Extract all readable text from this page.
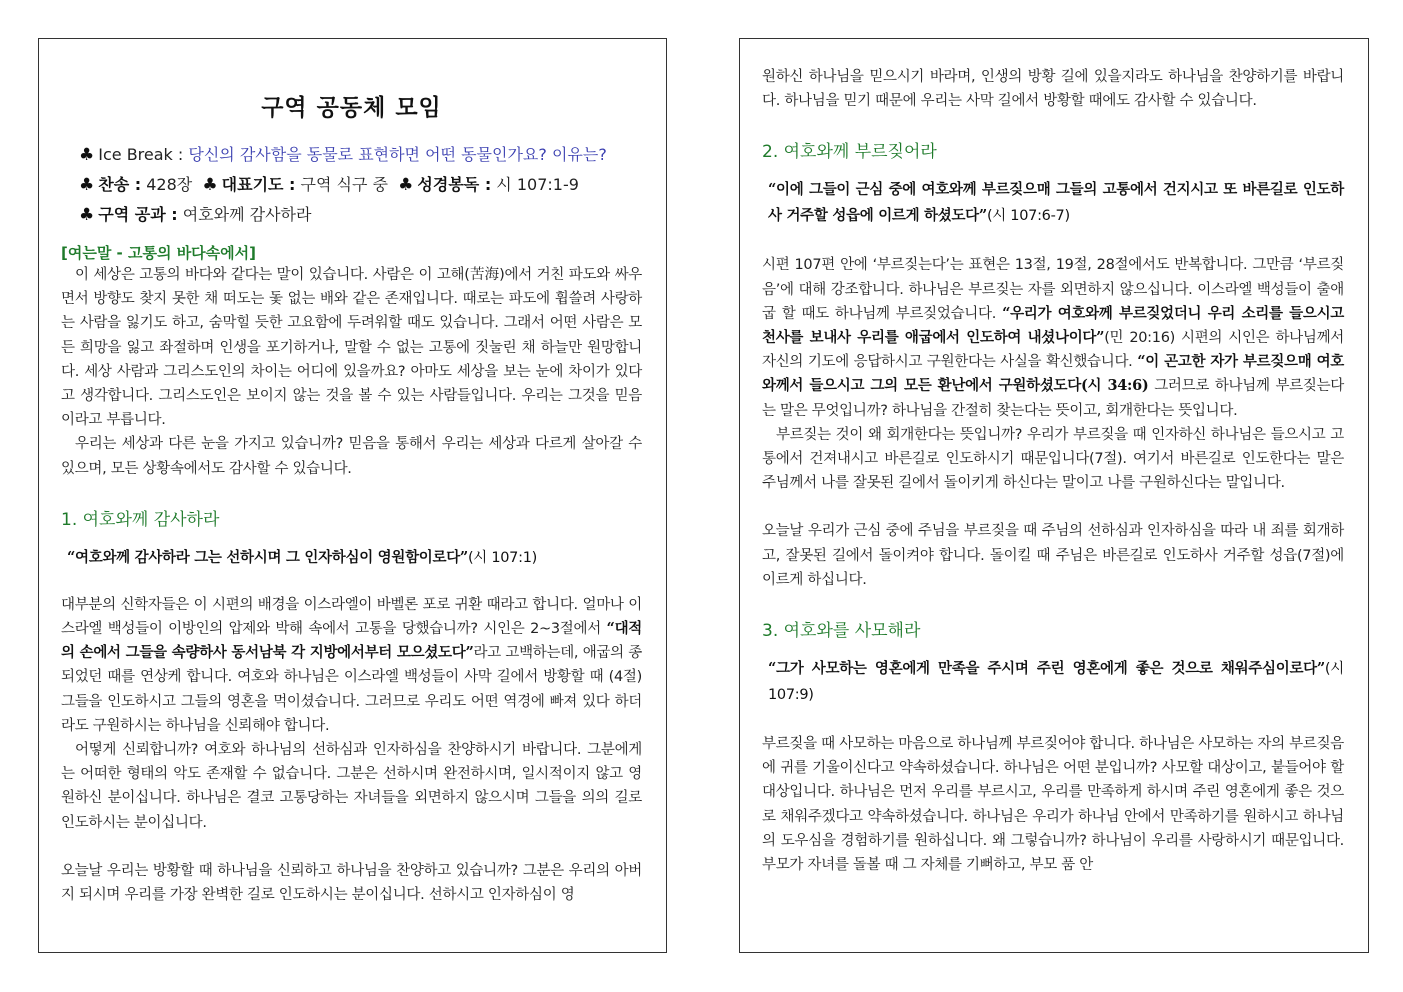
구역 공동체 모임
♣ Ice Break : 당신의 감사함을 동물로 표현하면 어떤 동물인가요? 이유는?
♣ 찬송 : 428장 ♣ 대표기도 : 구역 식구 중 ♣ 성경봉독 : 시 107:1-9
♣ 구역 공과 : 여호와께 감사하라
[여는말 - 고통의 바다속에서]

이 세상은 고통의 바다와 같다는 말이 있습니다. 사람은 이 고해(苦海)에서 거친 파도와 싸우면서 방향도 찾지 못한 채 떠도는 돛 없는 배와 같은 존재입니다. 때로는 파도에 휩쓸려 사랑하는 사람을 잃기도 하고, 숨막힐 듯한 고요함에 두려워할 때도 있습니다. 그래서 어떤 사람은 모든 희망을 잃고 좌절하며 인생을 포기하거나, 말할 수 없는 고통에 짓눌린 채 하늘만 원망합니다. 세상 사람과 그리스도인의 차이는 어디에 있을까요? 아마도 세상을 보는 눈에 차이가 있다고 생각합니다. 그리스도인은 보이지 않는 것을 볼 수 있는 사람들입니다. 우리는 그것을 믿음이라고 부릅니다.

우리는 세상과 다른 눈을 가지고 있습니까? 믿음을 통해서 우리는 세상과 다르게 살아갈 수 있으며, 모든 상황속에서도 감사할 수 있습니다.

1. 여호와께 감사하라

“여호와께 감사하라 그는 선하시며 그 인자하심이 영원함이로다”(시 107:1)

대부분의 신학자들은 이 시편의 배경을 이스라엘이 바벨론 포로 귀환 때라고 합니다. 얼마나 이스라엘 백성들이 이방인의 압제와 박해 속에서 고통을 당했습니까? 시인은 2~3절에서 “대적의 손에서 그들을 속량하사 동서남북 각 지방에서부터 모으셨도다”라고 고백하는데, 애굽의 종되었던 때를 연상케 합니다. 여호와 하나님은 이스라엘 백성들이 사막 길에서 방황할 때 (4절) 그들을 인도하시고 그들의 영혼을 먹이셨습니다. 그러므로 우리도 어떤 역경에 빠져 있다 하더라도 구원하시는 하나님을 신뢰해야 합니다.

어떻게 신뢰합니까? 여호와 하나님의 선하심과 인자하심을 찬양하시기 바랍니다. 그분에게는 어떠한 형태의 악도 존재할 수 없습니다. 그분은 선하시며 완전하시며, 일시적이지 않고 영원하신 분이십니다. 하나님은 결코 고통당하는 자녀들을 외면하지 않으시며 그들을 의의 길로 인도하시는 분이십니다.

오늘날 우리는 방황할 때 하나님을 신뢰하고 하나님을 찬양하고 있습니까? 그분은 우리의 아버지 되시며 우리를 가장 완벽한 길로 인도하시는 분이십니다. 선하시고 인자하심이 영

원하신 하나님을 믿으시기 바라며, 인생의 방황 길에 있을지라도 하나님을 찬양하기를 바랍니다. 하나님을 믿기 때문에 우리는 사막 길에서 방황할 때에도 감사할 수 있습니다.

2. 여호와께 부르짖어라

“이에 그들이 근심 중에 여호와께 부르짖으매 그들의 고통에서 건지시고 또 바른길로 인도하사 거주할 성읍에 이르게 하셨도다”(시 107:6-7)

시편 107편 안에 ‘부르짖는다’는 표현은 13절, 19절, 28절에서도 반복합니다. 그만큼 ‘부르짖음’에 대해 강조합니다. 하나님은 부르짖는 자를 외면하지 않으십니다. 이스라엘 백성들이 출애굽 할 때도 하나님께 부르짖었습니다. “우리가 여호와께 부르짖었더니 우리 소리를 들으시고 천사를 보내사 우리를 애굽에서 인도하여 내셨나이다”(민 20:16) 시편의 시인은 하나님께서 자신의 기도에 응답하시고 구원한다는 사실을 확신했습니다. “이 곤고한 자가 부르짖으매 여호와께서 들으시고 그의 모든 환난에서 구원하셨도다(시 34:6) 그러므로 하나님께 부르짖는다는 말은 무엇입니까? 하나님을 간절히 찾는다는 뜻이고, 회개한다는 뜻입니다.

부르짖는 것이 왜 회개한다는 뜻입니까? 우리가 부르짖을 때 인자하신 하나님은 들으시고 고통에서 건져내시고 바른길로 인도하시기 때문입니다(7절). 여기서 바른길로 인도한다는 말은 주님께서 나를 잘못된 길에서 돌이키게 하신다는 말이고 나를 구원하신다는 말입니다.

오늘날 우리가 근심 중에 주님을 부르짖을 때 주님의 선하심과 인자하심을 따라 내 죄를 회개하고, 잘못된 길에서 돌이켜야 합니다. 돌이킬 때 주님은 바른길로 인도하사 거주할 성읍(7절)에 이르게 하십니다.

3. 여호와를 사모해라

“그가 사모하는 영혼에게 만족을 주시며 주린 영혼에게 좋은 것으로 채워주심이로다”(시 107:9)

부르짖을 때 사모하는 마음으로 하나님께 부르짖어야 합니다. 하나님은 사모하는 자의 부르짖음에 귀를 기울이신다고 약속하셨습니다. 하나님은 어떤 분입니까? 사모할 대상이고, 붙들어야 할 대상입니다. 하나님은 먼저 우리를 부르시고, 우리를 만족하게 하시며 주린 영혼에게 좋은 것으로 채워주겠다고 약속하셨습니다. 하나님은 우리가 하나님 안에서 만족하기를 원하시고 하나님의 도우심을 경험하기를 원하십니다. 왜 그렇습니까? 하나님이 우리를 사랑하시기 때문입니다. 부모가 자녀를 돌볼 때 그 자체를 기뻐하고, 부모 품 안
